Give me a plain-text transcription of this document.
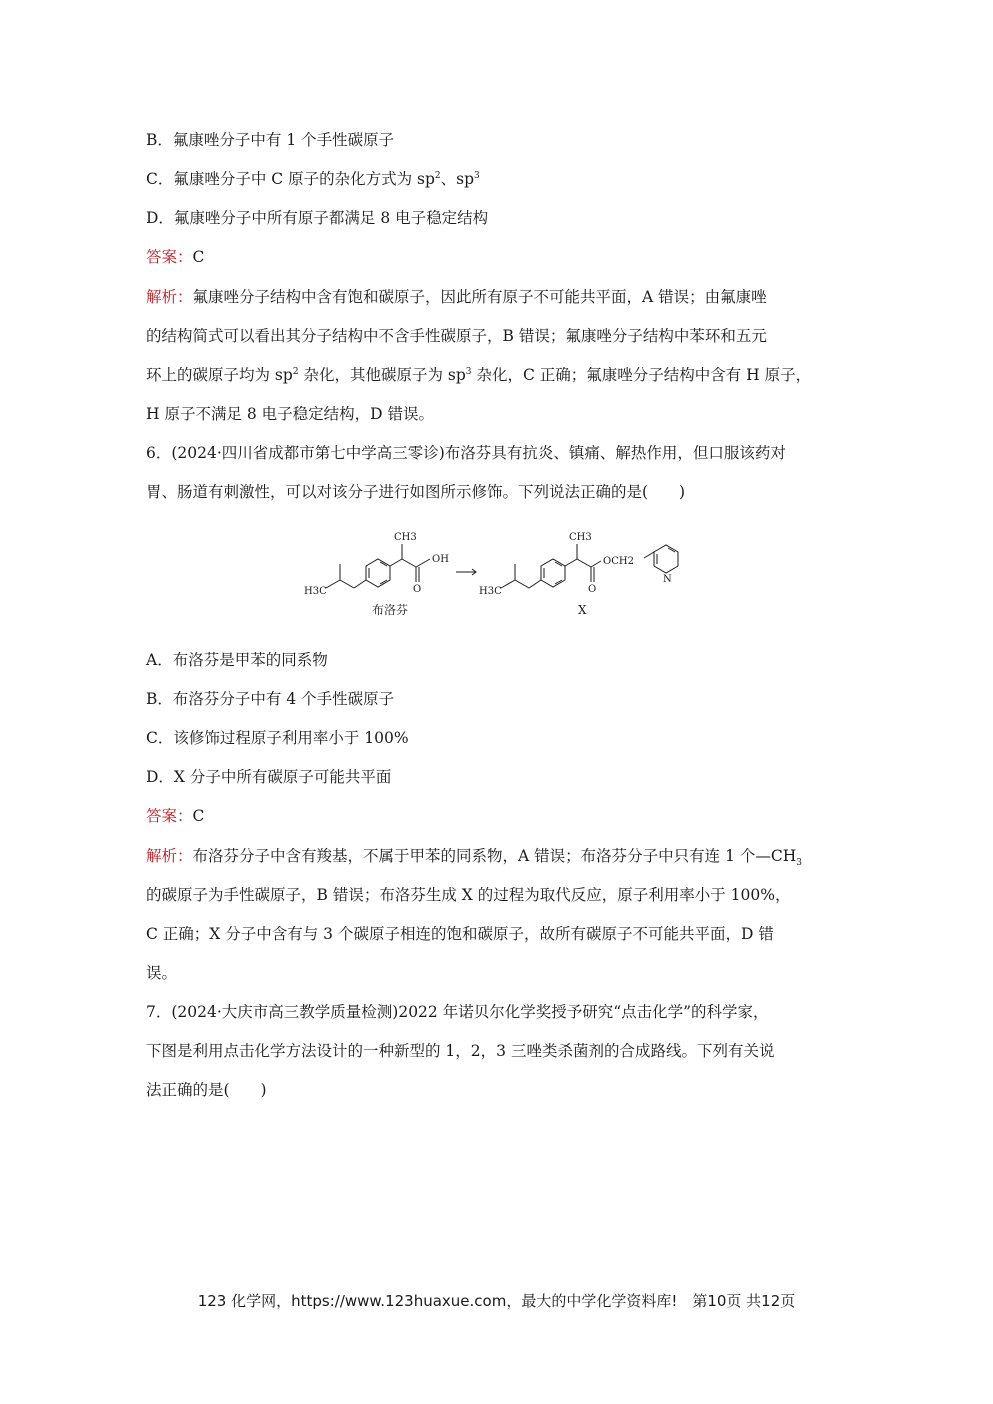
B．氟康唑分子中有 1 个手性碳原子
C．氟康唑分子中 C 原子的杂化方式为 $sp^2$、$sp^3$
D．氟康唑分子中所有原子都满足 8 电子稳定结构
答案：C
解析：氟康唑分子结构中含有饱和碳原子，因此所有原子不可能共平面，A 错误；由氟康唑
的结构简式可以看出其分子结构中不含手性碳原子，B 错误；氟康唑分子结构中苯环和五元
环上的碳原子均为 $sp^2$ 杂化，其他碳原子为 $sp^3$ 杂化，C 正确；氟康唑分子结构中含有 H 原子，
H 原子不满足 8 电子稳定结构，D 错误。
6．(2024·四川省成都市第七中学高三零诊)布洛芬具有抗炎、镇痛、解热作用，但口服该药对
胃、肠道有刺激性，可以对该分子进行如图所示修饰。下列说法正确的是(　　)
CH3
OH
O
H3C
布洛芬
CH3
OCH2
O
H3C
N
X
A．布洛芬是甲苯的同系物
B．布洛芬分子中有 4 个手性碳原子
C．该修饰过程原子利用率小于 100%
D．X 分子中所有碳原子可能共平面
答案：C
解析：布洛芬分子中含有羧基，不属于甲苯的同系物，A 错误；布洛芬分子中只有连 1 个$—CH_3$
的碳原子为手性碳原子，B 错误；布洛芬生成 X 的过程为取代反应，原子利用率小于 100%，
C 正确；X 分子中含有与 3 个碳原子相连的饱和碳原子，故所有碳原子不可能共平面，D 错
误。
7．(2024·大庆市高三教学质量检测)2022 年诺贝尔化学奖授予研究“点击化学”的科学家，
下图是利用点击化学方法设计的一种新型的 1，2，3 三唑类杀菌剂的合成路线。下列有关说
法正确的是(　　)
123 化学网，https://www.123huaxue.com，最大的中学化学资料库!　第10页 共12页
